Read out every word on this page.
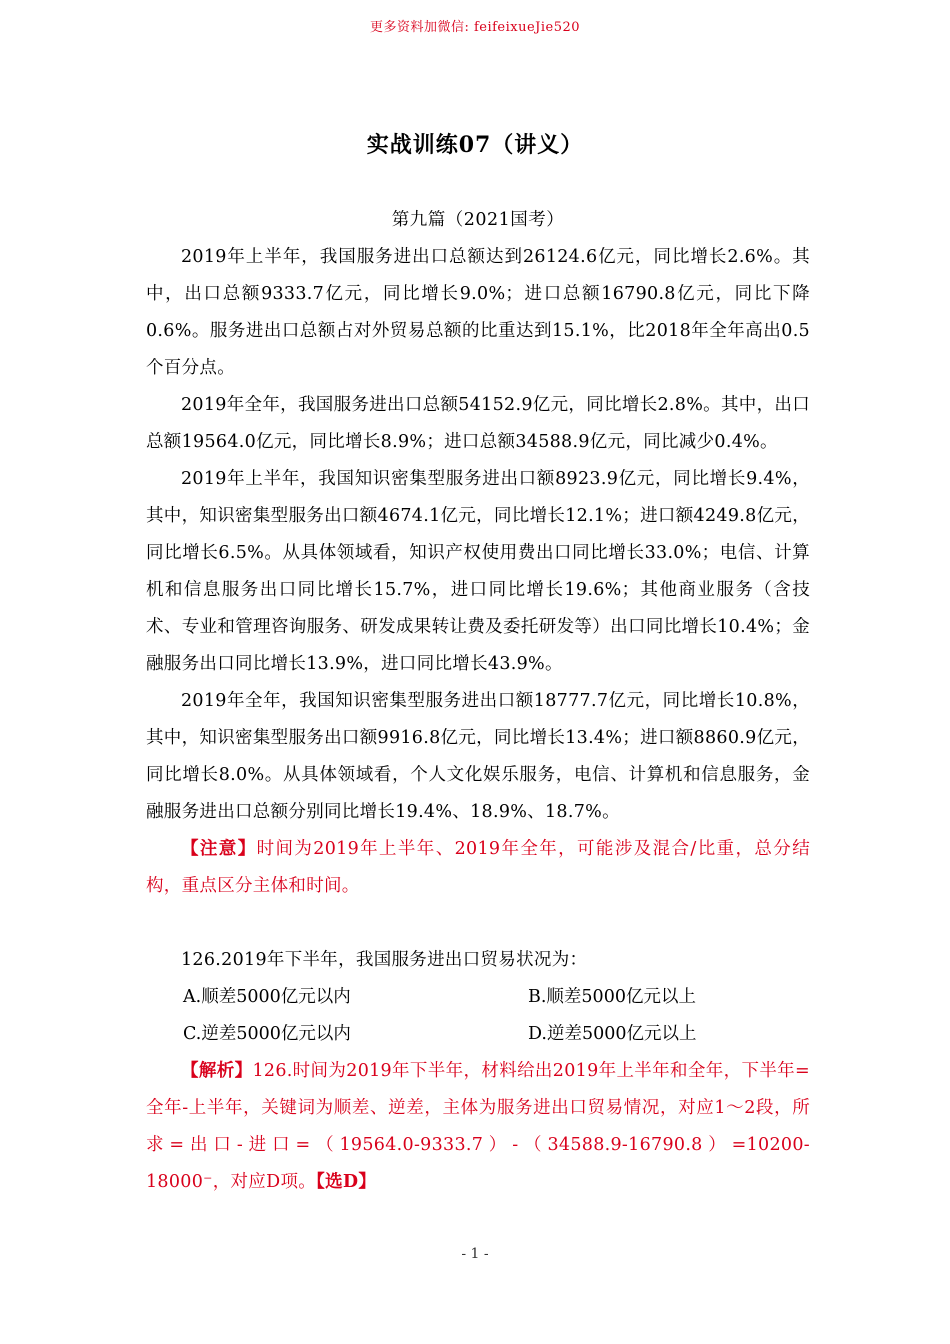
更多资料加微信: feifeixueJie520
实战训练07（讲义）

第九篇（2021国考）

2019年上半年，我国服务进出口总额达到26124.6亿元，同比增长2.6%。其中，出口总额9333.7亿元，同比增长9.0%；进口总额16790.8亿元，同比下降0.6%。服务进出口总额占对外贸易总额的比重达到15.1%，比2018年全年高出0.5个百分点。

2019年全年，我国服务进出口总额54152.9亿元，同比增长2.8%。其中，出口总额19564.0亿元，同比增长8.9%；进口总额34588.9亿元，同比减少0.4%。

2019年上半年，我国知识密集型服务进出口额8923.9亿元，同比增长9.4%，其中，知识密集型服务出口额4674.1亿元，同比增长12.1%；进口额4249.8亿元，同比增长6.5%。从具体领域看，知识产权使用费出口同比增长33.0%；电信、计算机和信息服务出口同比增长15.7%，进口同比增长19.6%；其他商业服务（含技术、专业和管理咨询服务、研发成果转让费及委托研发等）出口同比增长10.4%；金融服务出口同比增长13.9%，进口同比增长43.9%。

2019年全年，我国知识密集型服务进出口额18777.7亿元，同比增长10.8%，其中，知识密集型服务出口额9916.8亿元，同比增长13.4%；进口额8860.9亿元，同比增长8.0%。从具体领域看，个人文化娱乐服务，电信、计算机和信息服务，金融服务进出口总额分别同比增长19.4%、18.9%、18.7%。

【注意】时间为2019年上半年、2019年全年，可能涉及混合/比重，总分结构，重点区分主体和时间。

126.2019年下半年，我国服务进出口贸易状况为：

A.顺差5000亿元以内	B.顺差5000亿元以上

C.逆差5000亿元以内	D.逆差5000亿元以上

【解析】126.时间为2019年下半年，材料给出2019年上半年和全年，下半年=全年-上半年，关键词为顺差、逆差，主体为服务进出口贸易情况，对应1～2段，所求=出口-进口=（19564.0-9333.7）-（34588.9-16790.8）=10200-18000⁻，对应D项。【选D】

- 1 -
